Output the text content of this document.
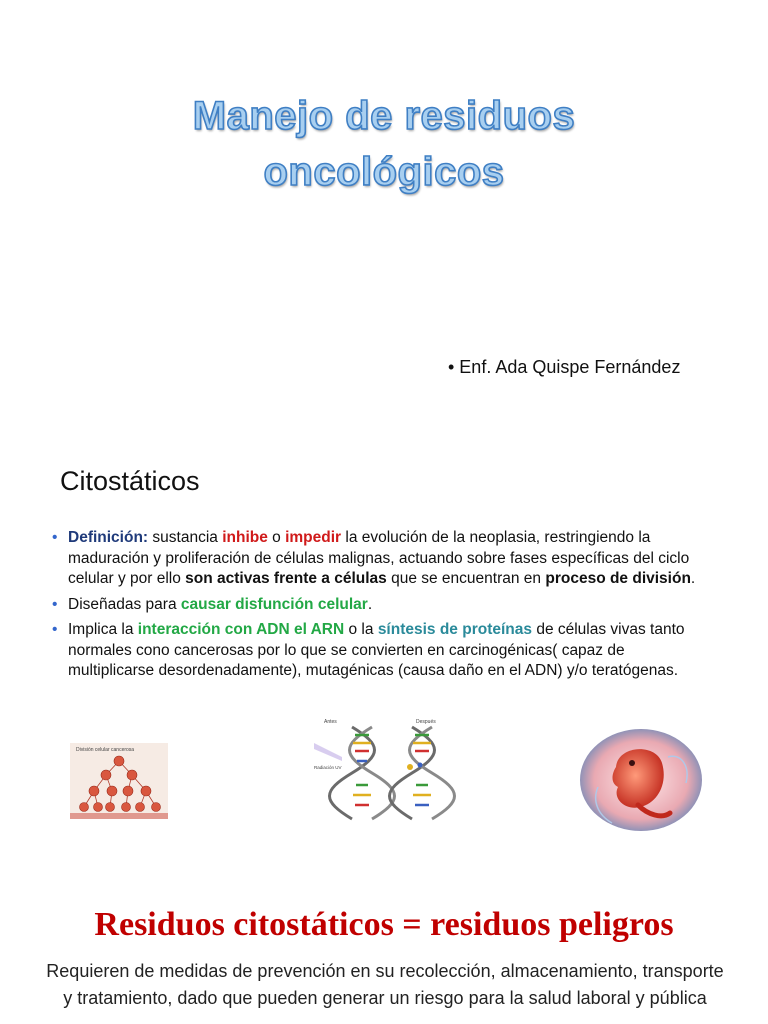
Manejo de residuos
oncológicos
• Enf. Ada Quispe Fernández
Citostáticos
• Definición: sustancia inhibe o impedir la evolución de la neoplasia, restringiendo la maduración y proliferación de células malignas, actuando sobre fases específicas del ciclo celular y por ello son activas frente a células que se encuentran en proceso de división.
• Diseñadas para causar disfunción celular.
• Implica la interacción con ADN el ARN o la síntesis de proteínas de células vivas tanto normales cono cancerosas por lo que se convierten en carcinogénicas( capaz de multiplicarse desordenadamente), mutagénicas (causa daño en el ADN) y/o teratógenas.
División celular cancerosa
Antes	Después
Radiación UV
Residuos citostáticos = residuos peligros
Requieren de medidas de prevención en su recolección, almacenamiento, transporte y tratamiento, dado que pueden generar un riesgo para la salud laboral y pública
